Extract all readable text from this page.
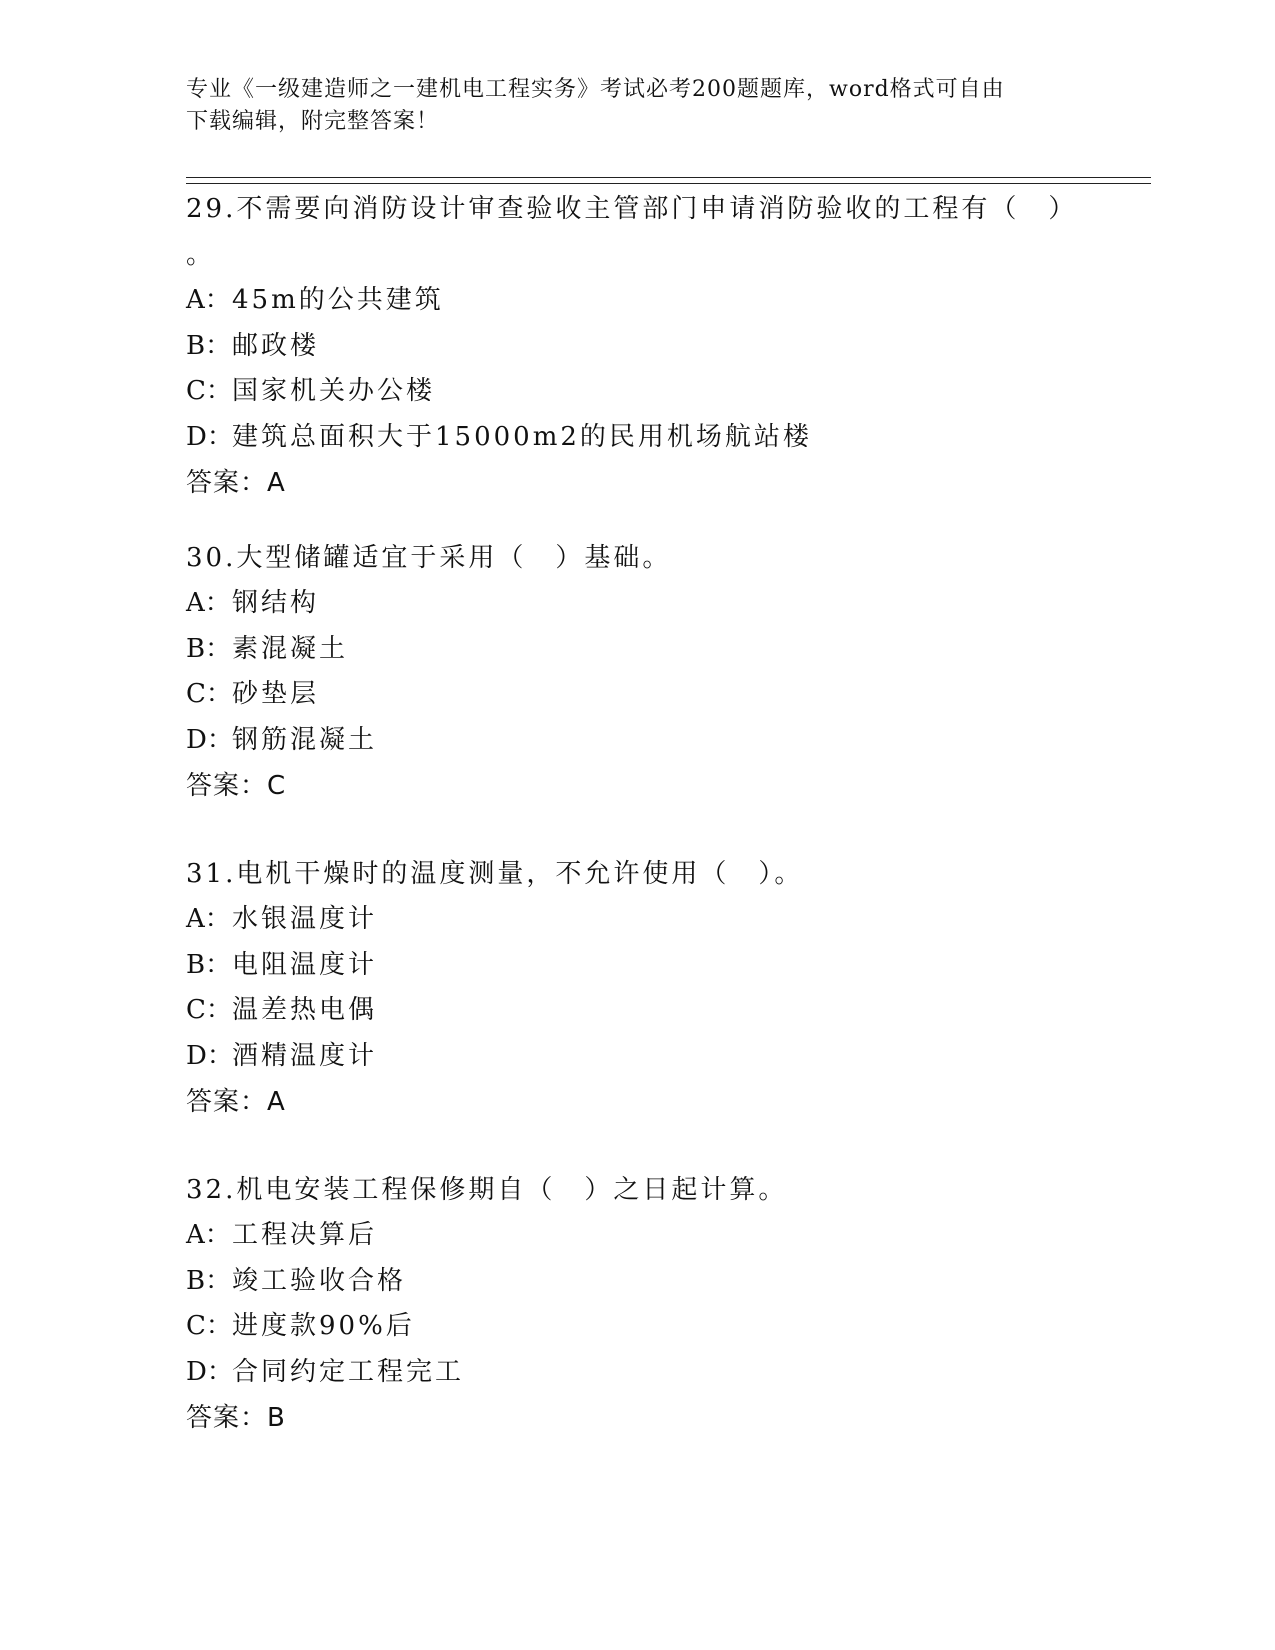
专业《一级建造师之一建机电工程实务》考试必考200题题库，word格式可自由
下载编辑，附完整答案！

29.不需要向消防设计审查验收主管部门申请消防验收的工程有（　）

。

A：45m的公共建筑

B：邮政楼

C：国家机关办公楼

D：建筑总面积大于15000m2的民用机场航站楼

答案：A

30.大型储罐适宜于采用（　）基础。

A：钢结构

B：素混凝土

C：砂垫层

D：钢筋混凝土

答案：C

31.电机干燥时的温度测量，不允许使用（　）。

A：水银温度计

B：电阻温度计

C：温差热电偶

D：酒精温度计

答案：A

32.机电安装工程保修期自（　）之日起计算。

A：工程决算后

B：竣工验收合格

C：进度款90%后

D：合同约定工程完工

答案：B
